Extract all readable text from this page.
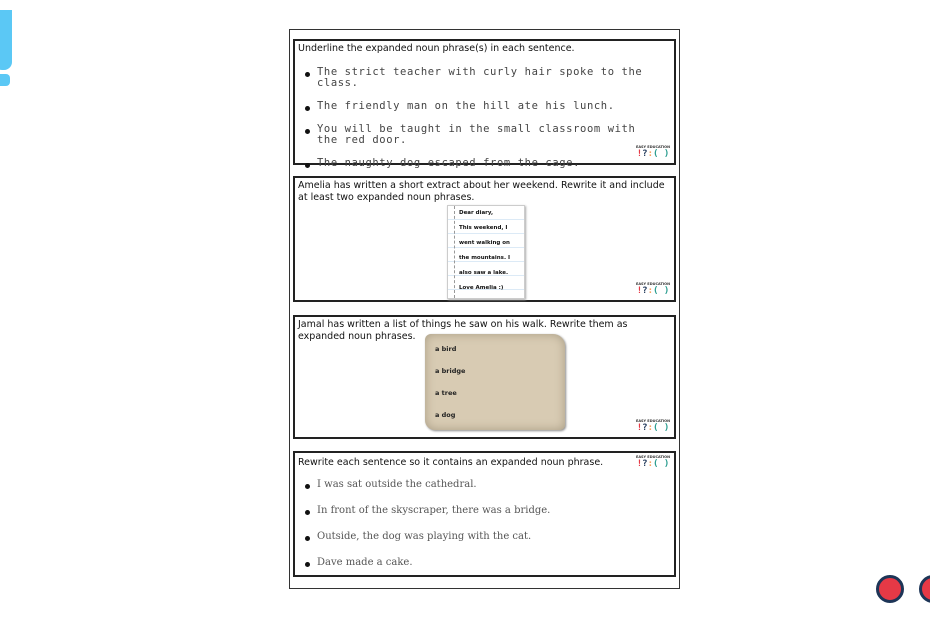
Underline the expanded noun phrase(s) in each sentence.
The strict teacher with curly hair spoke to the class.
The friendly man on the hill ate his lunch.
You will be taught in the small classroom with the red door.
The naughty dog escaped from the cage.
EASY EDUCATION
!?:( )
Amelia has written a short extract about her weekend. Rewrite it and include at least two expanded noun phrases.
Dear diary,
This weekend, I
went walking on
the mountains. I
also saw a lake.
Love Amelia :)
EASY EDUCATION
!?:( )
Jamal has written a list of things he saw on his walk. Rewrite them as expanded noun phrases.
a bird
a bridge
a tree
a dog
EASY EDUCATION
!?:( )
Rewrite each sentence so it contains an expanded noun phrase.
I was sat outside the cathedral.
In front of the skyscraper, there was a bridge.
Outside, the dog was playing with the cat.
Dave made a cake.
EASY EDUCATION
!?:( )
